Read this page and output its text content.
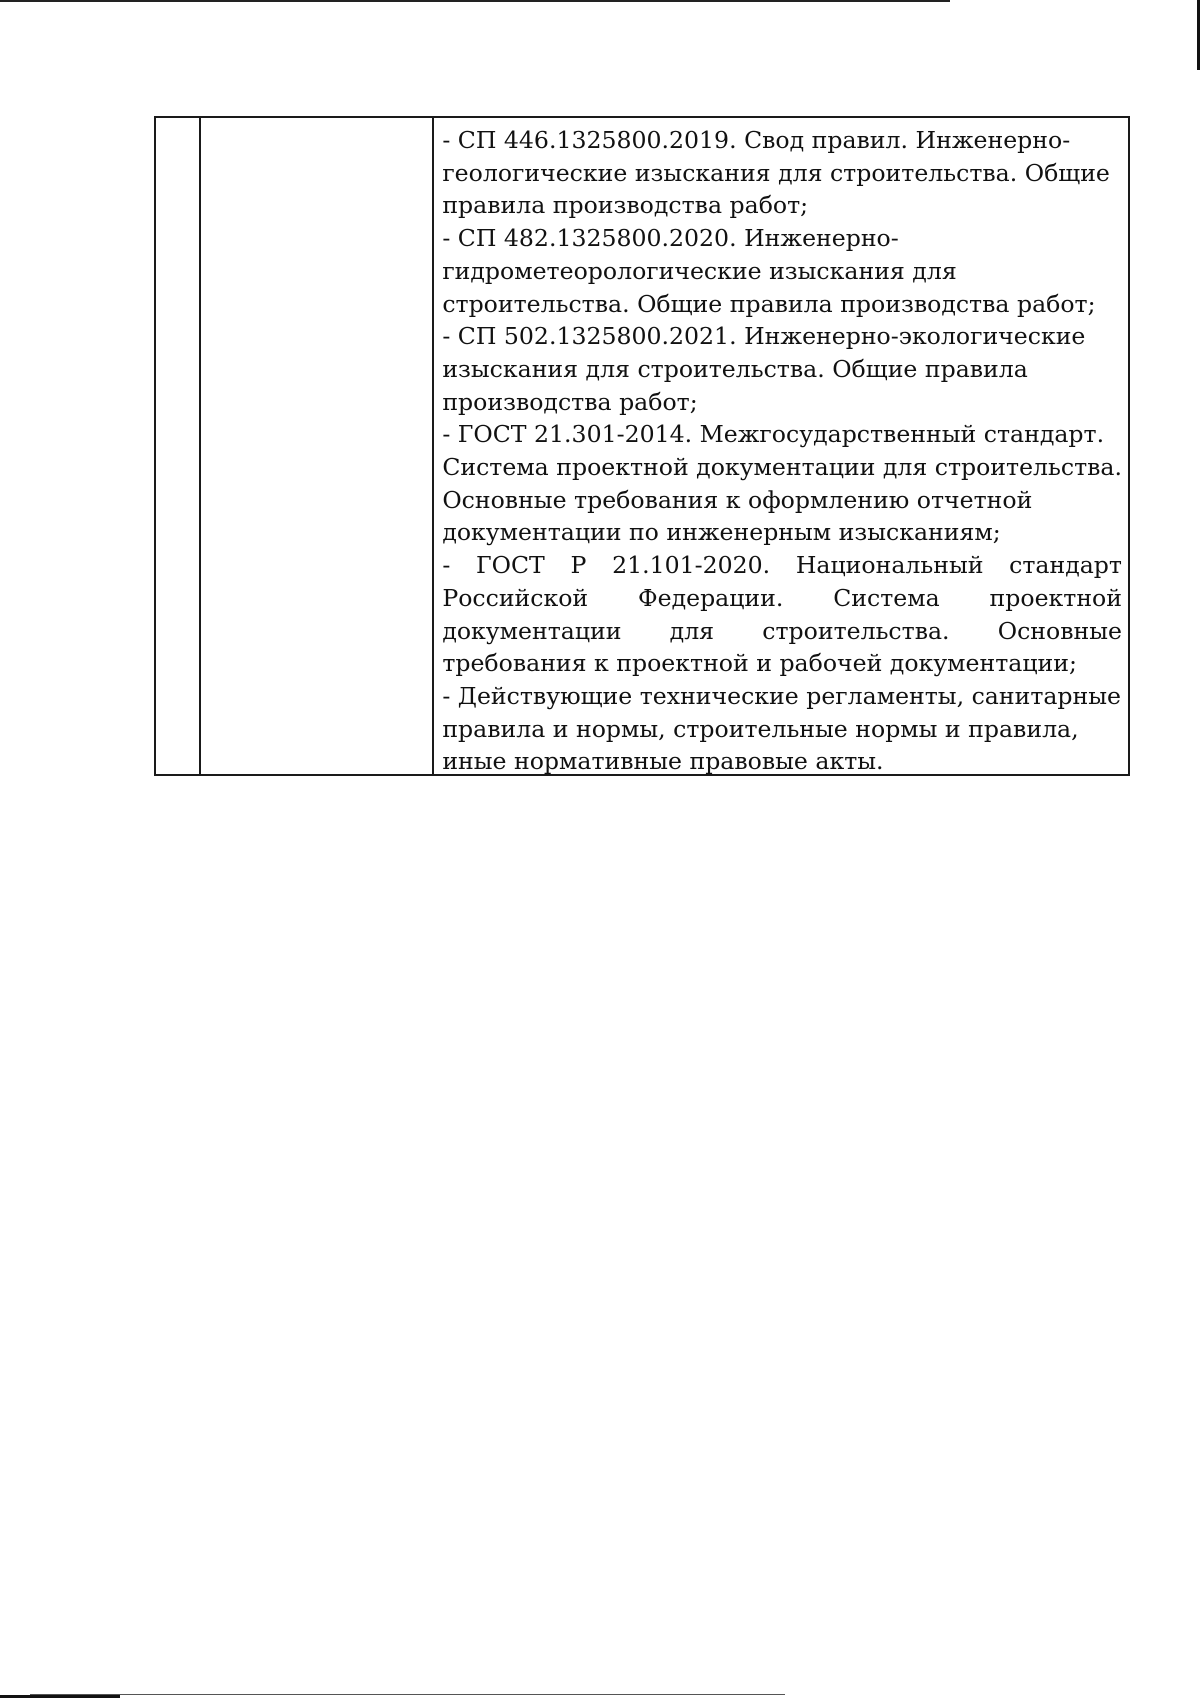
- СП 446.1325800.2019. Свод правил. Инженерно-
геологические изыскания для строительства. Общие
правила производства работ;
- СП 482.1325800.2020. Инженерно-
гидрометеорологические изыскания для
строительства. Общие правила производства работ;
- СП 502.1325800.2021. Инженерно-экологические
изыскания для строительства. Общие правила
производства работ;
- ГОСТ 21.301-2014. Межгосударственный стандарт.
Система проектной документации для строительства.
Основные требования к оформлению отчетной
документации по инженерным изысканиям;
- ГОСТ Р 21.101-2020. Национальный стандарт
Российской Федерации. Система проектной
документации для строительства. Основные
требования к проектной и рабочей документации;
- Действующие технические регламенты, санитарные
правила и нормы, строительные нормы и правила,
иные нормативные правовые акты.
